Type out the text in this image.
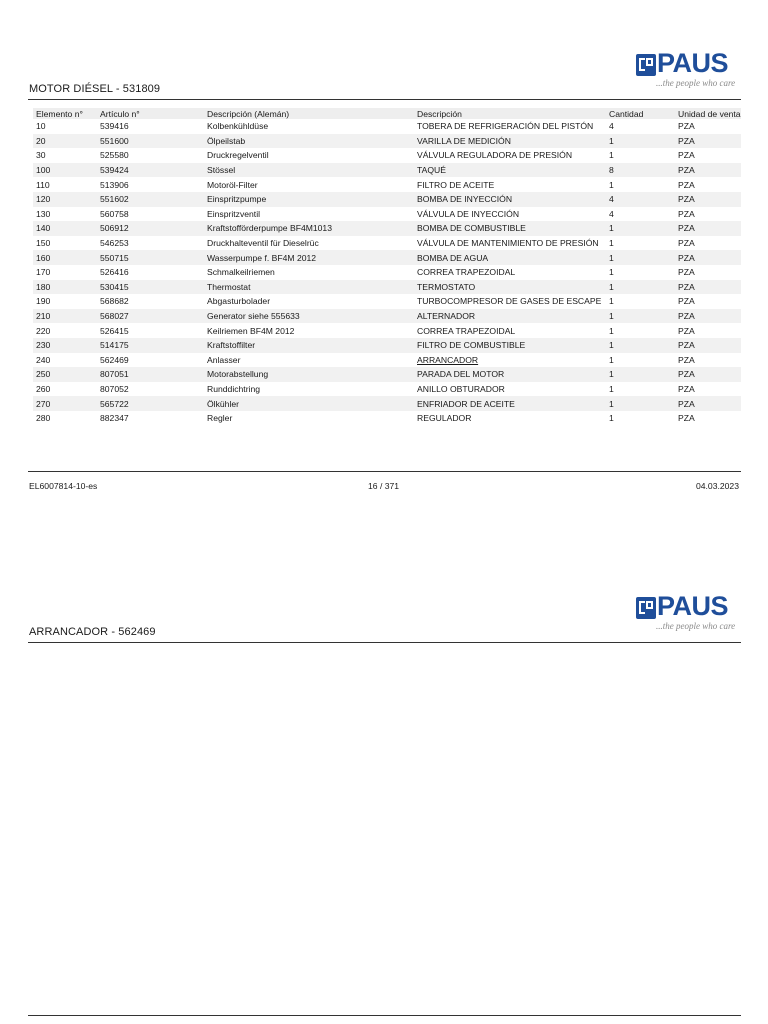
PAUS
...the people who care
MOTOR DIÉSEL - 531809
Elemento n°	Artículo n°	Descripción (Alemán)	Descripción	Cantidad	Unidad de venta
10	539416	Kolbenkühldüse	TOBERA DE REFRIGERACIÓN DEL PISTÓN	4	PZA
20	551600	Ölpeilstab	VARILLA DE MEDICIÓN	1	PZA
30	525580	Druckregelventil	VÁLVULA REGULADORA DE PRESIÓN	1	PZA
100	539424	Stössel	TAQUÉ	8	PZA
110	513906	Motoröl-Filter	FILTRO DE ACEITE	1	PZA
120	551602	Einspritzpumpe	BOMBA DE INYECCIÓN	4	PZA
130	560758	Einspritzventil	VÁLVULA DE INYECCIÓN	4	PZA
140	506912	Kraftstofförderpumpe BF4M1013	BOMBA DE COMBUSTIBLE	1	PZA
150	546253	Druckhalteventil für Dieselrüc	VÁLVULA DE MANTENIMIENTO DE PRESIÓN	1	PZA
160	550715	Wasserpumpe f. BF4M 2012	BOMBA DE AGUA	1	PZA
170	526416	Schmalkeilriemen	CORREA TRAPEZOIDAL	1	PZA
180	530415	Thermostat	TERMOSTATO	1	PZA
190	568682	Abgasturbolader	TURBOCOMPRESOR DE GASES DE ESCAPE	1	PZA
210	568027	Generator siehe 555633	ALTERNADOR	1	PZA
220	526415	Keilriemen BF4M 2012	CORREA TRAPEZOIDAL	1	PZA
230	514175	Kraftstoffilter	FILTRO DE COMBUSTIBLE	1	PZA
240	562469	Anlasser	ARRANCADOR	1	PZA
250	807051	Motorabstellung	PARADA DEL MOTOR	1	PZA
260	807052	Runddichtring	ANILLO OBTURADOR	1	PZA
270	565722	Ölkühler	ENFRIADOR DE ACEITE	1	PZA
280	882347	Regler	REGULADOR	1	PZA
EL6007814-10-es	16 / 371	04.03.2023
PAUS
...the people who care
ARRANCADOR - 562469
